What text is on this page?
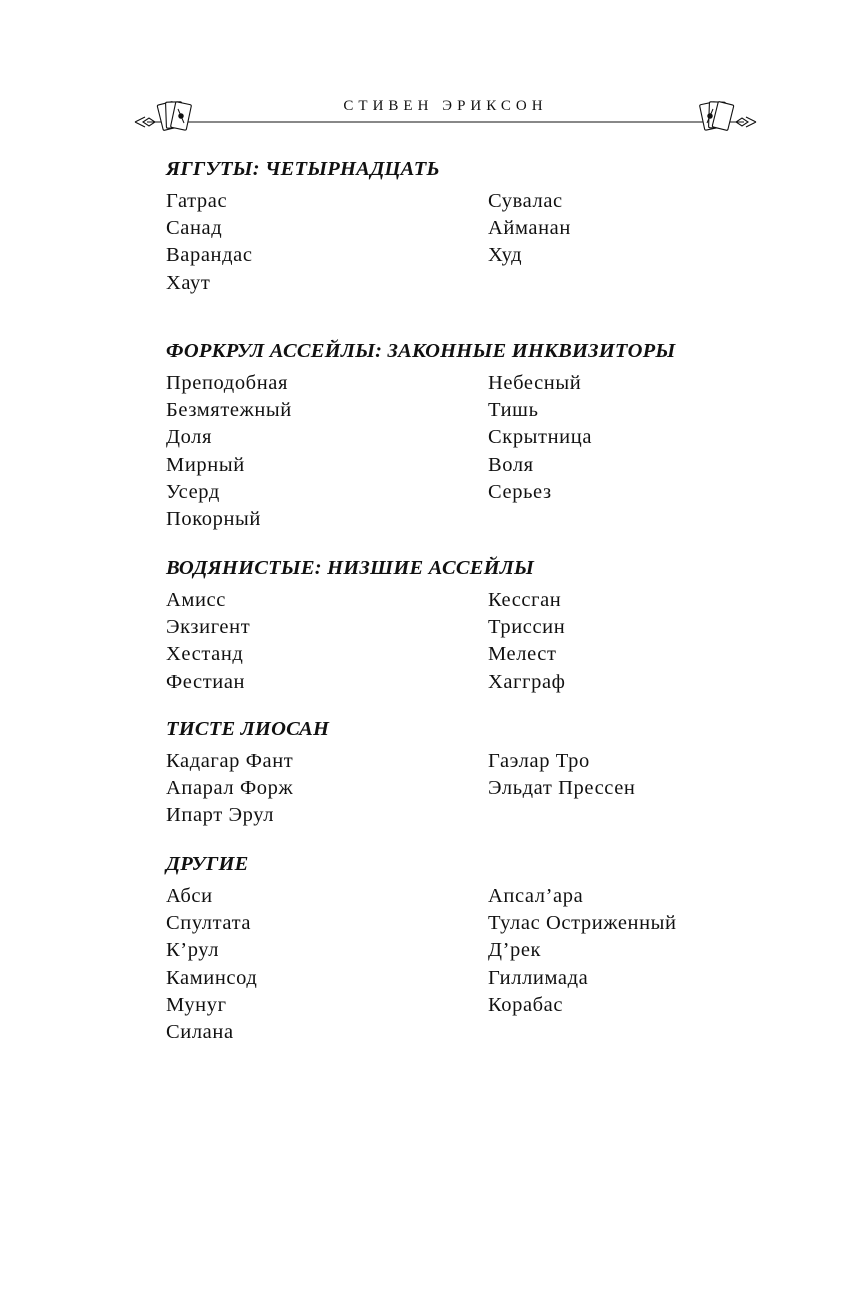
СТИВЕН ЭРИКСОН
ЯГГУТЫ: ЧЕТЫРНАДЦАТЬ
Гатрас
Санад
Варандас
Хаут
Сувалас
Айманан
Худ
ФОРКРУЛ АССЕЙЛЫ: ЗАКОННЫЕ ИНКВИЗИТОРЫ
Преподобная
Безмятежный
Доля
Мирный
Усерд
Покорный
Небесный
Тишь
Скрытница
Воля
Серьез
ВОДЯНИСТЫЕ: НИЗШИЕ АССЕЙЛЫ
Амисс
Экзигент
Хестанд
Фестиан
Кессган
Триссин
Мелест
Хагграф
ТИСТЕ ЛИОСАН
Кадагар Фант
Апарал Форж
Ипарт Эрул
Гаэлар Тро
Эльдат Прессен
ДРУГИЕ
Абси
Спултата
К’рул
Каминсод
Мунуг
Силана
Апсал’ара
Тулас Остриженный
Д’рек
Гиллимада
Корабас
